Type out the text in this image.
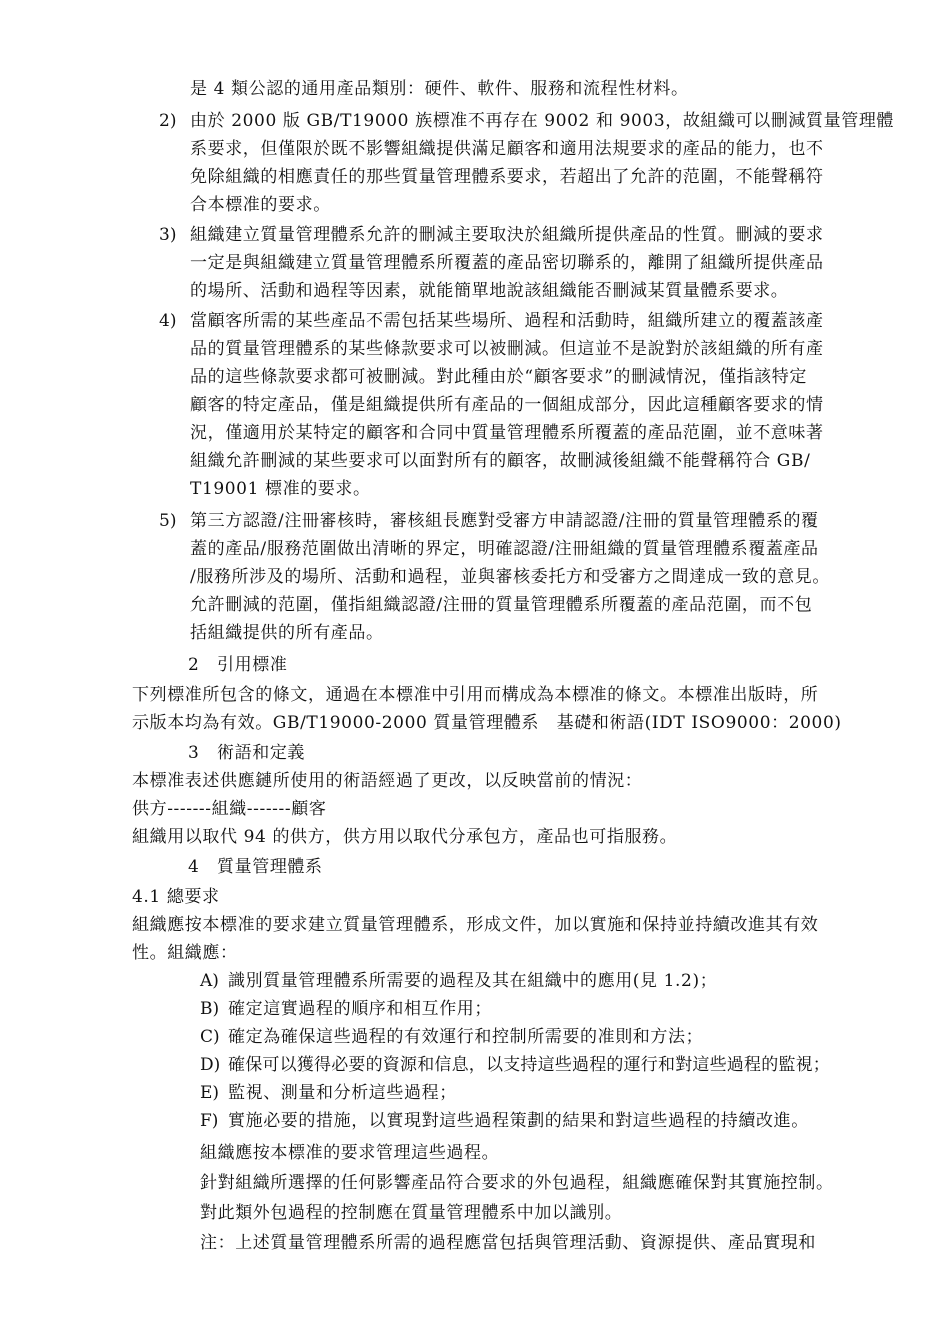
是 4 類公認的通用產品類別：硬件、軟件、服務和流程性材料。
2) 由於 2000 版 GB/T19000 族標准不再存在 9002 和 9003，故組織可以刪減質量管理體
系要求，但僅限於既不影響組織提供滿足顧客和適用法規要求的產品的能力，也不
免除組織的相應責任的那些質量管理體系要求，若超出了允許的范圍，不能聲稱符
合本標准的要求。
3) 組織建立質量管理體系允許的刪減主要取決於組織所提供產品的性質。刪減的要求
一定是與組織建立質量管理體系所覆蓋的產品密切聯系的，離開了組織所提供產品
的場所、活動和過程等因素，就能簡單地說該組織能否刪減某質量體系要求。
4) 當顧客所需的某些產品不需包括某些場所、過程和活動時，組織所建立的覆蓋該產
品的質量管理體系的某些條款要求可以被刪減。但這並不是說對於該組織的所有產
品的這些條款要求都可被刪減。對此種由於“顧客要求”的刪減情況，僅指該特定
顧客的特定產品，僅是組織提供所有產品的一個組成部分，因此這種顧客要求的情
況，僅適用於某特定的顧客和合同中質量管理體系所覆蓋的產品范圍，並不意味著
組織允許刪減的某些要求可以面對所有的顧客，故刪減後組織不能聲稱符合 GB/
T19001 標准的要求。
5) 第三方認證/注冊審核時，審核組長應對受審方申請認證/注冊的質量管理體系的覆
蓋的產品/服務范圍做出清晰的界定，明確認證/注冊組織的質量管理體系覆蓋產品
/服務所涉及的場所、活動和過程，並與審核委托方和受審方之間達成一致的意見。
允許刪減的范圍，僅指組織認證/注冊的質量管理體系所覆蓋的產品范圍，而不包
括組織提供的所有產品。
2　引用標准
下列標准所包含的條文，通過在本標准中引用而構成為本標准的條文。本標准出版時，所
示版本均為有效。GB/T19000-2000 質量管理體系　基礎和術語(IDT ISO9000：2000)
3　術語和定義
本標准表述供應鏈所使用的術語經過了更改，以反映當前的情況：
供方-------組織-------顧客
組織用以取代 94 的供方，供方用以取代分承包方，產品也可指服務。
4　質量管理體系
4.1 總要求
組織應按本標准的要求建立質量管理體系，形成文件，加以實施和保持並持續改進其有效
性。組織應：
A) 識別質量管理體系所需要的過程及其在組織中的應用(見 1.2)；
B) 確定這實過程的順序和相互作用；
C) 確定為確保這些過程的有效運行和控制所需要的准則和方法；
D) 確保可以獲得必要的資源和信息，以支持這些過程的運行和對這些過程的監視；
E) 監視、測量和分析這些過程；
F) 實施必要的措施，以實現對這些過程策劃的結果和對這些過程的持續改進。
組織應按本標准的要求管理這些過程。
針對組織所選擇的任何影響產品符合要求的外包過程，組織應確保對其實施控制。
對此類外包過程的控制應在質量管理體系中加以識別。
注：上述質量管理體系所需的過程應當包括與管理活動、資源提供、產品實現和
